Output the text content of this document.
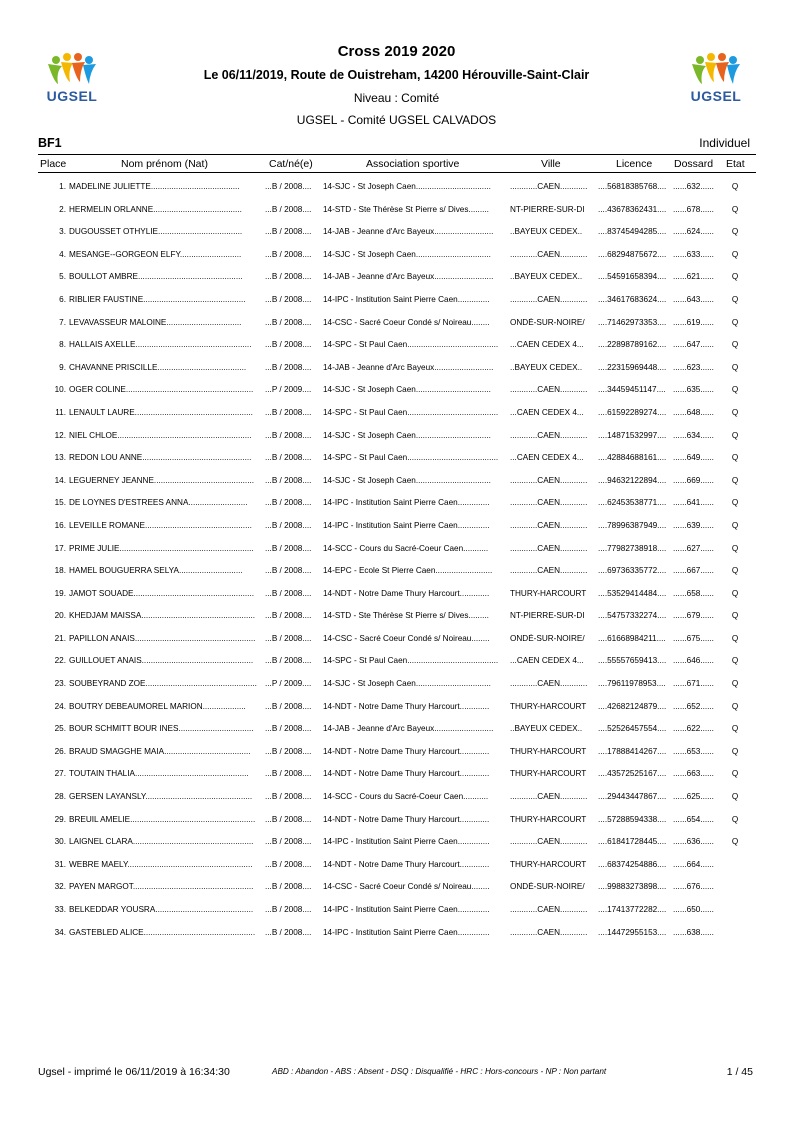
UGSEL	UGSEL
Cross 2019 2020
Le 06/11/2019, Route de Ouistreham, 14200 Hérouville-Saint-Clair
Niveau : Comité
UGSEL - Comité UGSEL CALVADOS
BF1	Individuel
Place	Nom prénom (Nat)	Cat/né(e)	Association sportive	Ville	Licence Dossard Etat
1. MADELINE JULIETTE.......................................	...B / 2008....	14-SJC - St Joseph Caen.................................	............CAEN............	....56818385768.... ......632......	Q
2. HERMELIN ORLANNE.......................................	...B / 2008....	14-STD - Ste Thérèse St Pierre s/ Dives.........	NT-PIERRE-SUR-DI	....43678362431.... ......678......	Q
3. DUGOUSSET OTHYLIE.....................................	...B / 2008....	14-JAB - Jeanne d'Arc Bayeux..........................	..BAYEUX CEDEX..	....83745494285.... ......624......	Q
4. MESANGE--GORGEON ELFY...........................	...B / 2008....	14-SJC - St Joseph Caen.................................	............CAEN............	....68294875672.... ......633......	Q
5. BOULLOT AMBRE..............................................	...B / 2008....	14-JAB - Jeanne d'Arc Bayeux..........................	..BAYEUX CEDEX..	....54591658394.... ......621......	Q
6. RIBLIER FAUSTINE.............................................	...B / 2008....	14-IPC - Institution Saint Pierre Caen..............	............CAEN............	....34617683624.... ......643......	Q
7. LEVAVASSEUR MALOINE.................................	...B / 2008....	14-CSC - Sacré Coeur Condé s/ Noireau........	ONDÉ-SUR-NOIRE/	....71462973353.... ......619......	Q
8. HALLAIS AXELLE...................................................	...B / 2008....	14-SPC - St Paul Caen........................................	...CAEN CEDEX 4...	....22898789162.... ......647......	Q
9. CHAVANNE PRISCILLE.......................................	...B / 2008....	14-JAB - Jeanne d'Arc Bayeux..........................	..BAYEUX CEDEX..	....22315969448.... ......623......	Q
10. OGER COLINE........................................................	...P / 2009....	14-SJC - St Joseph Caen.................................	............CAEN............	....34459451147.... ......635......	Q
11. LENAULT LAURE....................................................	...B / 2008....	14-SPC - St Paul Caen........................................	...CAEN CEDEX 4...	....61592289274.... ......648......	Q
12. NIEL CHLOE...........................................................	...B / 2008....	14-SJC - St Joseph Caen.................................	............CAEN............	....14871532997.... ......634......	Q
13. REDON LOU ANNE................................................	...B / 2008....	14-SPC - St Paul Caen........................................	...CAEN CEDEX 4...	....42884688161.... ......649......	Q
14. LEGUERNEY JEANNE............................................	...B / 2008....	14-SJC - St Joseph Caen.................................	............CAEN............	....94632122894.... ......669......	Q
15. DE LOYNES D'ESTREES ANNA..........................	...B / 2008....	14-IPC - Institution Saint Pierre Caen..............	............CAEN............	....62453538771.... ......641......	Q
16. LEVEILLE ROMANE...............................................	...B / 2008....	14-IPC - Institution Saint Pierre Caen..............	............CAEN............	....78996387949.... ......639......	Q
17. PRIME JULIE...........................................................	...B / 2008....	14-SCC - Cours du Sacré-Coeur Caen...........	............CAEN............	....77982738918.... ......627......	Q
18. HAMEL BOUGUERRA SELYA............................	...B / 2008....	14-EPC - Ecole St Pierre Caen.........................	............CAEN............	....69736335772.... ......667......	Q
19. JAMOT SOUADE.....................................................	...B / 2008....	14-NDT - Notre Dame Thury Harcourt.............	THURY-HARCOURT	....53529414484.... ......658......	Q
20. KHEDJAM MAISSA..................................................	...B / 2008....	14-STD - Ste Thérèse St Pierre s/ Dives.........	NT-PIERRE-SUR-DI	....54757332274.... ......679......	Q
21. PAPILLON ANAIS.....................................................	...B / 2008....	14-CSC - Sacré Coeur Condé s/ Noireau........	ONDÉ-SUR-NOIRE/	....61668984211.... ......675......	Q
22. GUILLOUET ANAIS.................................................	...B / 2008....	14-SPC - St Paul Caen........................................	...CAEN CEDEX 4...	....55557659413.... ......646......	Q
23. SOUBEYRAND ZOE................................................. ...P / 2009....	14-SJC - St Joseph Caen.................................	............CAEN............	....79611978953.... ......671......	Q
24. BOUTRY DEBEAUMOREL MARION...................	...B / 2008....	14-NDT - Notre Dame Thury Harcourt.............	THURY-HARCOURT	....42682124879.... ......652......	Q
25. BOUR SCHMITT BOUR INES.................................	...B / 2008....	14-JAB - Jeanne d'Arc Bayeux..........................	..BAYEUX CEDEX..	....52526457554.... ......622......	Q
26. BRAUD SMAGGHE MAIA......................................	...B / 2008....	14-NDT - Notre Dame Thury Harcourt.............	THURY-HARCOURT	....17888414267.... ......653......	Q
27. TOUTAIN THALIA..................................................	...B / 2008....	14-NDT - Notre Dame Thury Harcourt.............	THURY-HARCOURT	....43572525167.... ......663......	Q
28. GERSEN LAYANSLY...............................................	...B / 2008....	14-SCC - Cours du Sacré-Coeur Caen...........	............CAEN............	....29443447867.... ......625......	Q
29. BREUIL AMELIE.......................................................	...B / 2008....	14-NDT - Notre Dame Thury Harcourt.............	THURY-HARCOURT	....57288594338.... ......654......	Q
30. LAIGNEL CLARA.....................................................	...B / 2008....	14-IPC - Institution Saint Pierre Caen..............	............CAEN............	....61841728445.... ......636......	Q
31. WEBRE MAELY.......................................................	...B / 2008....	14-NDT - Notre Dame Thury Harcourt.............	THURY-HARCOURT	....68374254886.... ......664......
32. PAYEN MARGOT.....................................................	...B / 2008....	14-CSC - Sacré Coeur Condé s/ Noireau........	ONDÉ-SUR-NOIRE/	....99883273898.... ......676......
33. BELKEDDAR YOUSRA...........................................	...B / 2008....	14-IPC - Institution Saint Pierre Caen..............	............CAEN............	....17413772282.... ......650......
34. GASTEBLED ALICE.................................................	...B / 2008....	14-IPC - Institution Saint Pierre Caen..............	............CAEN............	....14472955153.... ......638......
Ugsel - imprimé le 06/11/2019 à 16:34:30	ABD : Abandon - ABS : Absent - DSQ : Disqualifié - HRC : Hors-concours - NP : Non partant	1 / 45
